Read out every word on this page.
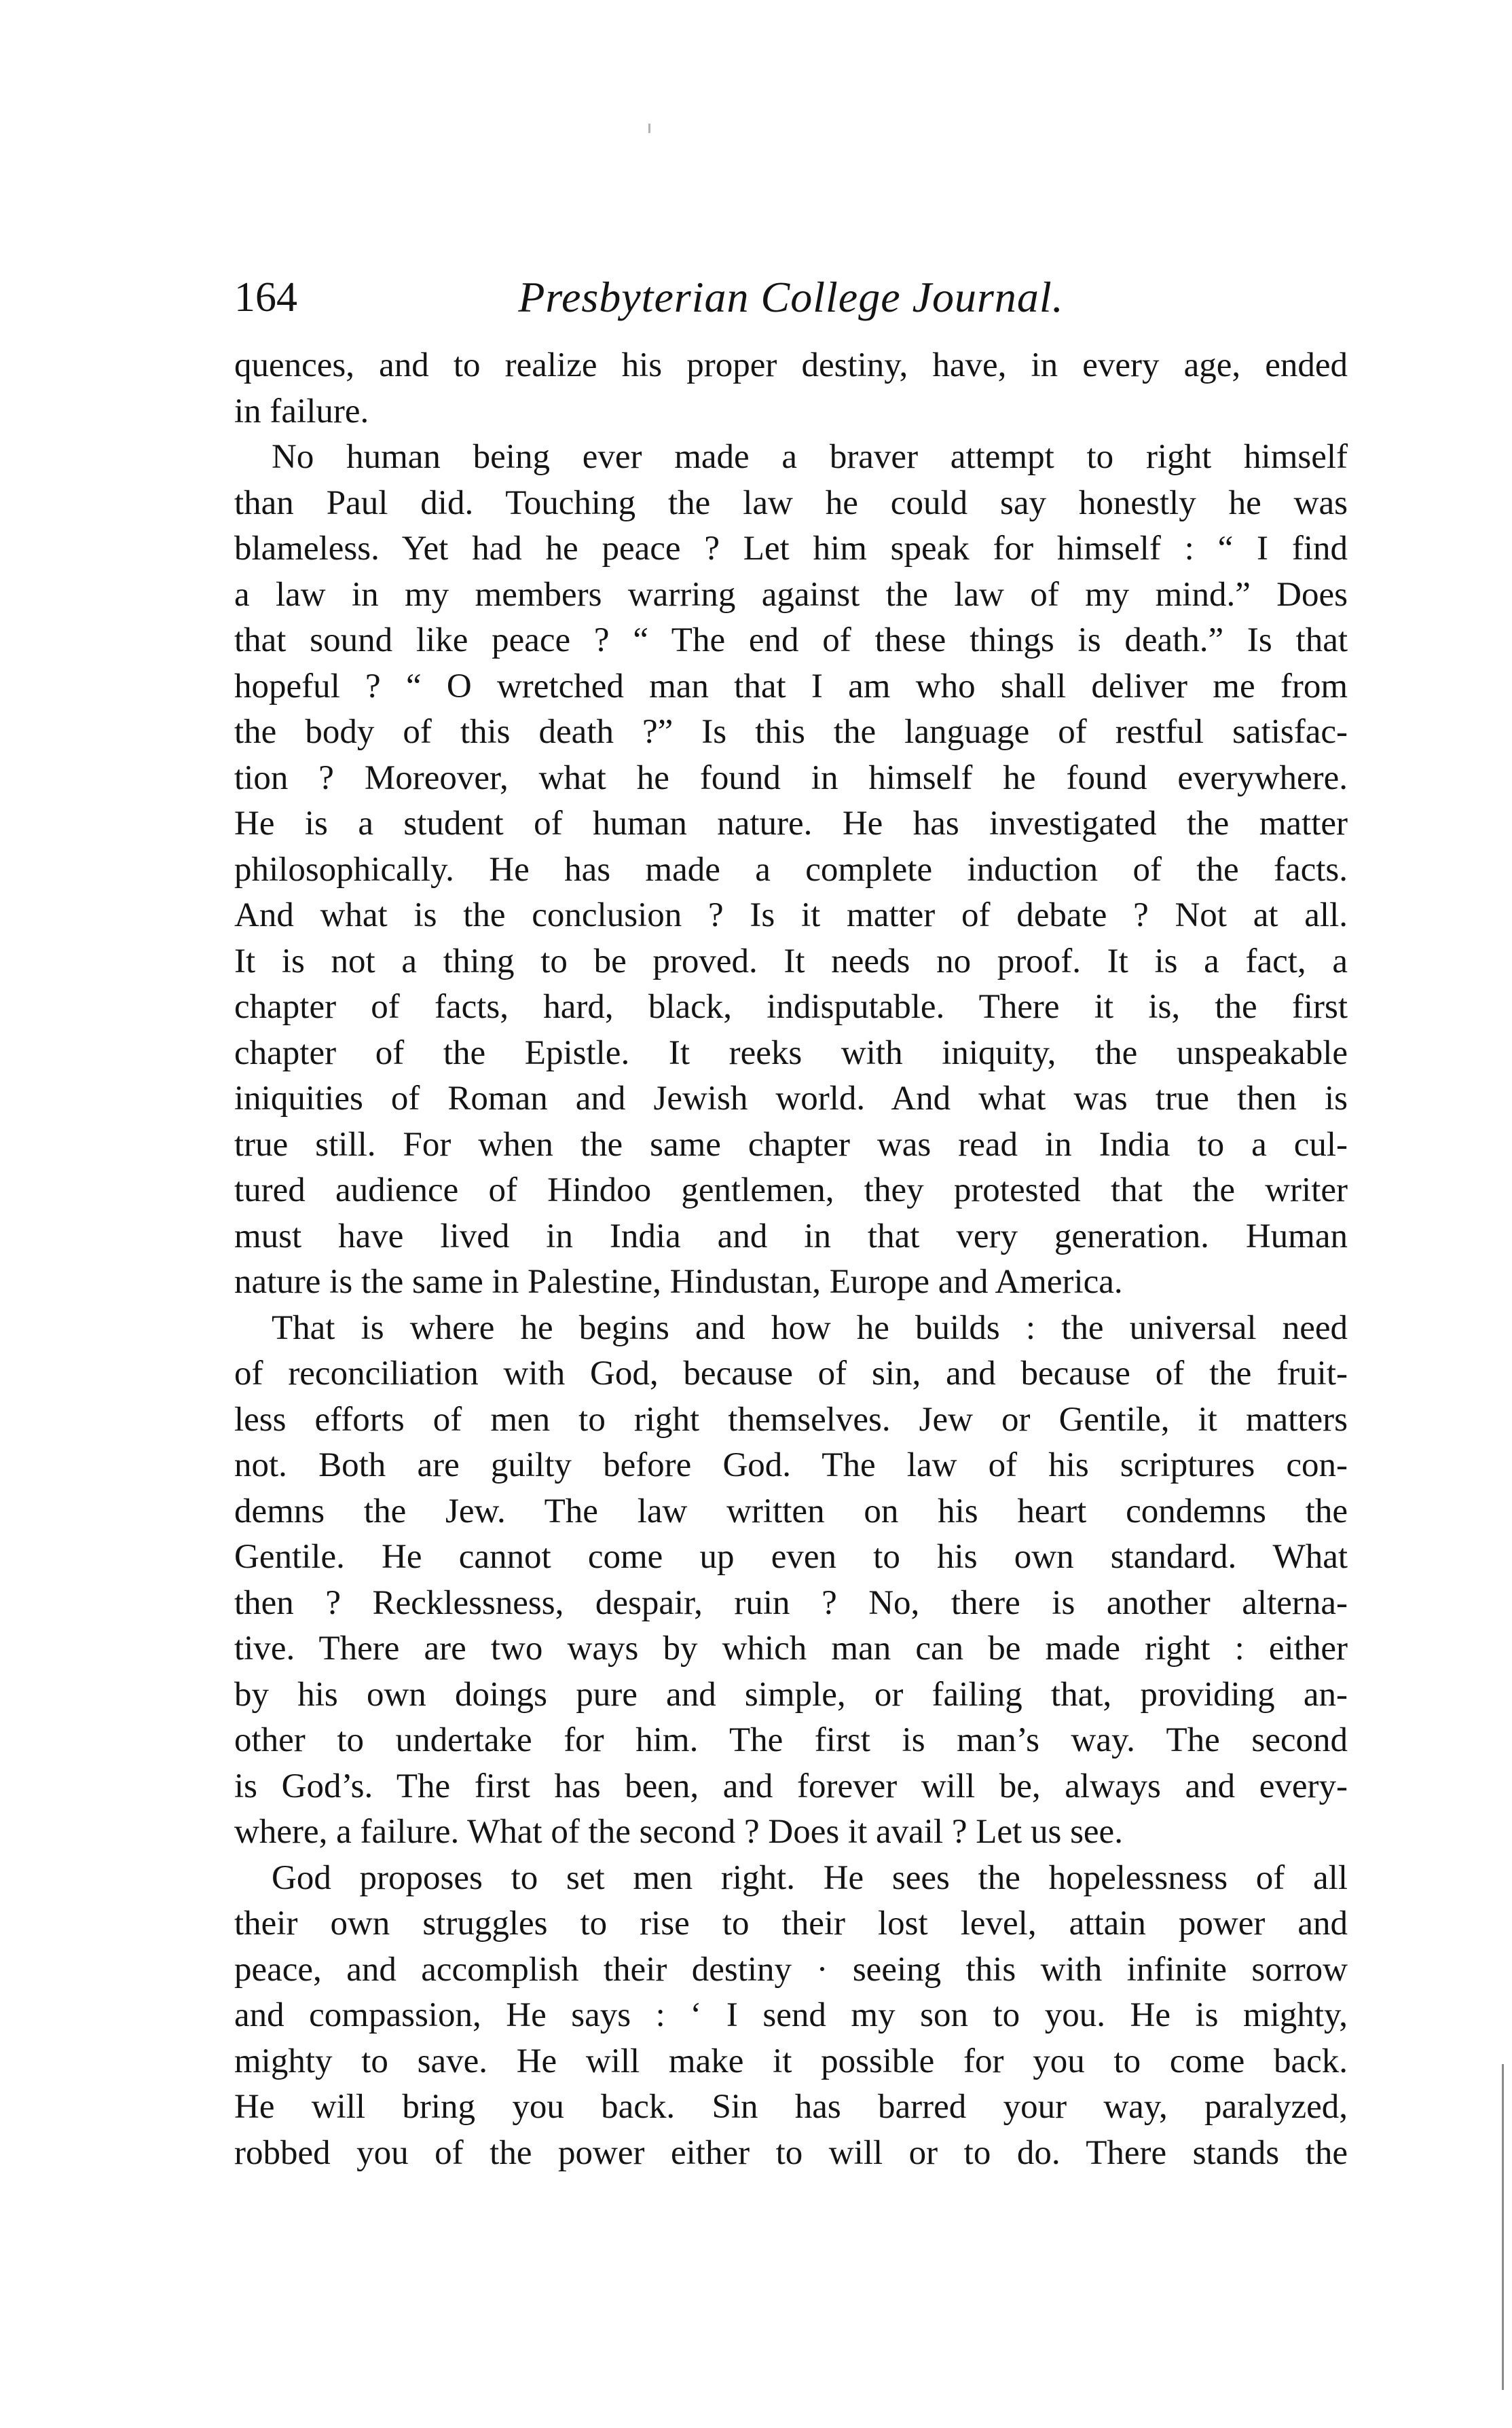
164	Presbyterian College Journal.
quences, and to realize his proper destiny, have, in every age, ended
in failure.
No human being ever made a braver attempt to right himself
than Paul did. Touching the law he could say honestly he was
blameless. Yet had he peace ? Let him speak for himself : “ I find
a law in my members warring against the law of my mind.” Does
that sound like peace ? “ The end of these things is death.” Is that
hopeful ? “ O wretched man that I am who shall deliver me from
the body of this death ?” Is this the language of restful satisfac-
tion ? Moreover, what he found in himself he found everywhere.
He is a student of human nature. He has investigated the matter
philosophically. He has made a complete induction of the facts.
And what is the conclusion ? Is it matter of debate ? Not at all.
It is not a thing to be proved. It needs no proof. It is a fact, a
chapter of facts, hard, black, indisputable. There it is, the first
chapter of the Epistle. It reeks with iniquity, the unspeakable
iniquities of Roman and Jewish world. And what was true then is
true still. For when the same chapter was read in India to a cul-
tured audience of Hindoo gentlemen, they protested that the writer
must have lived in India and in that very generation. Human
nature is the same in Palestine, Hindustan, Europe and America.
That is where he begins and how he builds : the universal need
of reconciliation with God, because of sin, and because of the fruit-
less efforts of men to right themselves. Jew or Gentile, it matters
not. Both are guilty before God. The law of his scriptures con-
demns the Jew. The law written on his heart condemns the
Gentile. He cannot come up even to his own standard. What
then ? Recklessness, despair, ruin ? No, there is another alterna-
tive. There are two ways by which man can be made right : either
by his own doings pure and simple, or failing that, providing an-
other to undertake for him. The first is man’s way. The second
is God’s. The first has been, and forever will be, always and every-
where, a failure. What of the second ? Does it avail ? Let us see.
God proposes to set men right. He sees the hopelessness of all
their own struggles to rise to their lost level, attain power and
peace, and accomplish their destiny · seeing this with infinite sorrow
and compassion, He says : ‘ I send my son to you. He is mighty,
mighty to save. He will make it possible for you to come back.
He will bring you back. Sin has barred your way, paralyzed,
robbed you of the power either to will or to do. There stands the
